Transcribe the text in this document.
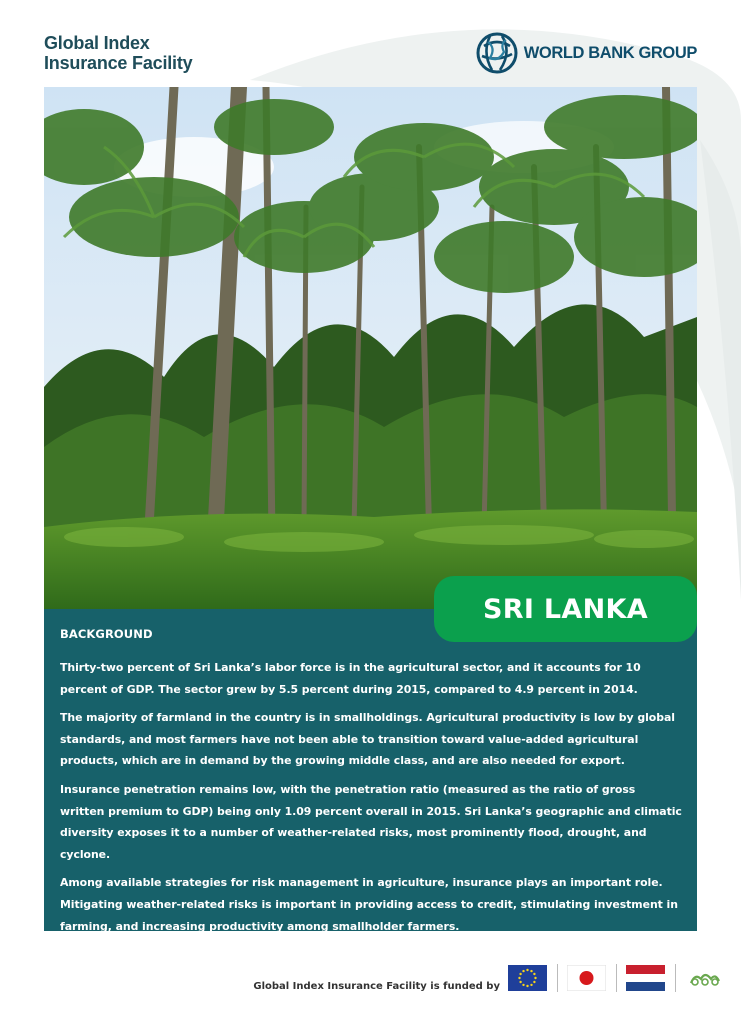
Global Index
Insurance Facility
WORLD BANK GROUP
BACKGROUND

Thirty-two percent of Sri Lanka’s labor force is in the agricultural sector, and it accounts for 10 percent of GDP. The sector grew by 5.5 percent during 2015, compared to 4.9 percent in 2014.

The majority of farmland in the country is in smallholdings. Agricultural productivity is low by global standards, and most farmers have not been able to transition toward value-added agricultural products, which are in demand by the growing middle class, and are also needed for export.

Insurance penetration remains low, with the penetration ratio (measured as the ratio of gross written premium to GDP) being only 1.09 percent overall in 2015. Sri Lanka’s geographic and climatic diversity exposes it to a number of weather-related risks, most prominently flood, drought, and cyclone.

Among available strategies for risk management in agriculture, insurance plays an important role. Mitigating weather-related risks is important in providing access to credit, stimulating investment in farming, and increasing productivity among smallholder farmers.

SRI LANKA
Global Index Insurance Facility is funded by
